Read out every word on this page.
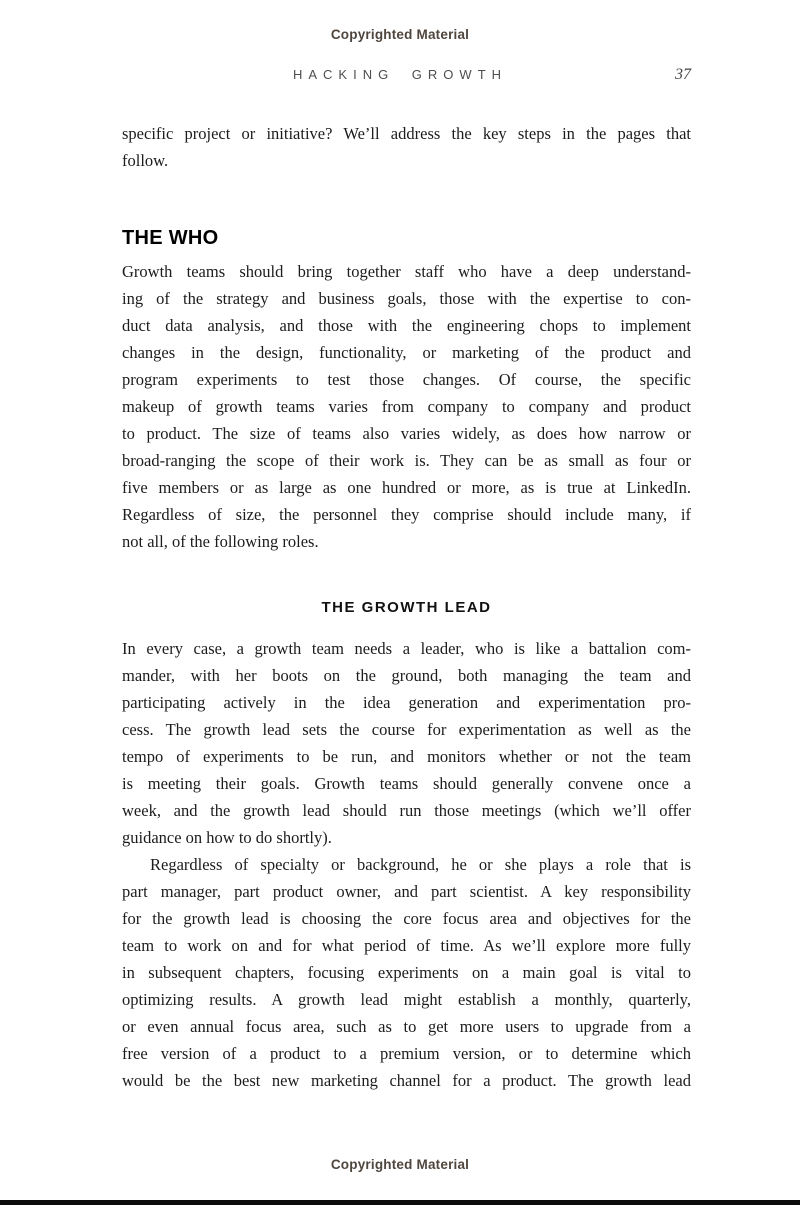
Copyrighted Material
HACKING GROWTH	37
specific project or initiative? We’ll address the key steps in the pages that
follow.
THE WHO
Growth teams should bring together staff who have a deep understand-
ing of the strategy and business goals, those with the expertise to con-
duct data analysis, and those with the engineering chops to implement
changes in the design, functionality, or marketing of the product and
program experiments to test those changes. Of course, the specific
makeup of growth teams varies from company to company and product
to product. The size of teams also varies widely, as does how narrow or
broad-ranging the scope of their work is. They can be as small as four or
five members or as large as one hundred or more, as is true at LinkedIn.
Regardless of size, the personnel they comprise should include many, if
not all, of the following roles.
THE GROWTH LEAD
In every case, a growth team needs a leader, who is like a battalion com-
mander, with her boots on the ground, both managing the team and
participating actively in the idea generation and experimentation pro-
cess. The growth lead sets the course for experimentation as well as the
tempo of experiments to be run, and monitors whether or not the team
is meeting their goals. Growth teams should generally convene once a
week, and the growth lead should run those meetings (which we’ll offer
guidance on how to do shortly).
Regardless of specialty or background, he or she plays a role that is
part manager, part product owner, and part scientist. A key responsibility
for the growth lead is choosing the core focus area and objectives for the
team to work on and for what period of time. As we’ll explore more fully
in subsequent chapters, focusing experiments on a main goal is vital to
optimizing results. A growth lead might establish a monthly, quarterly,
or even annual focus area, such as to get more users to upgrade from a
free version of a product to a premium version, or to determine which
would be the best new marketing channel for a product. The growth lead
Copyrighted Material
